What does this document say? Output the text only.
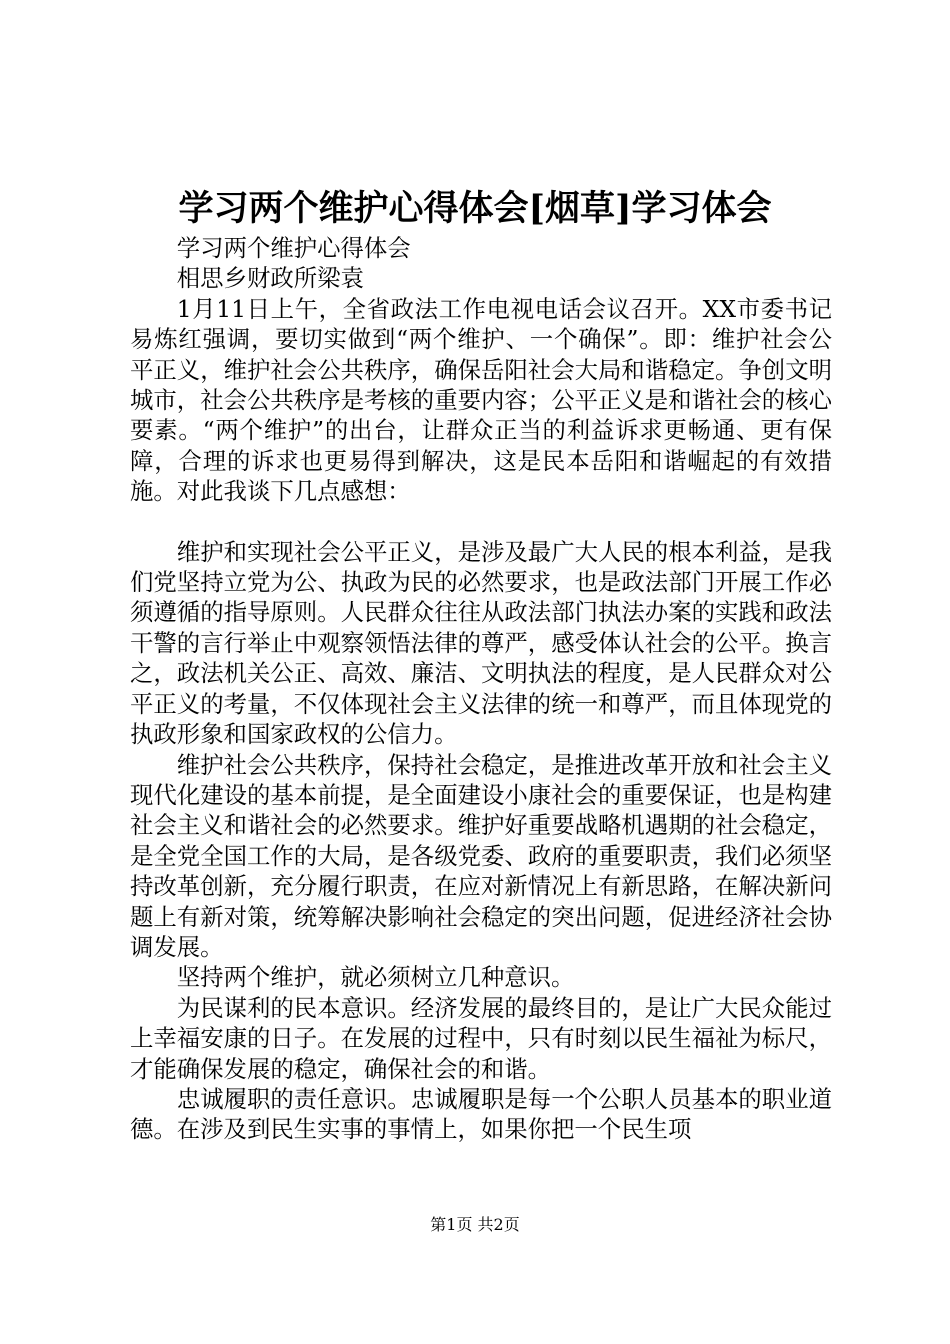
学习两个维护心得体会[烟草]学习体会

学习两个维护心得体会

相思乡财政所梁袁

1月11日上午，全省政法工作电视电话会议召开。XX市委书记易炼红强调，要切实做到“两个维护、一个确保”。即：维护社会公平正义，维护社会公共秩序，确保岳阳社会大局和谐稳定。争创文明城市，社会公共秩序是考核的重要内容；公平正义是和谐社会的核心要素。“两个维护”的出台，让群众正当的利益诉求更畅通、更有保障，合理的诉求也更易得到解决，这是民本岳阳和谐崛起的有效措施。对此我谈下几点感想：

维护和实现社会公平正义，是涉及最广大人民的根本利益，是我们党坚持立党为公、执政为民的必然要求，也是政法部门开展工作必须遵循的指导原则。人民群众往往从政法部门执法办案的实践和政法干警的言行举止中观察领悟法律的尊严，感受体认社会的公平。换言之，政法机关公正、高效、廉洁、文明执法的程度，是人民群众对公平正义的考量，不仅体现社会主义法律的统一和尊严，而且体现党的执政形象和国家政权的公信力。

维护社会公共秩序，保持社会稳定，是推进改革开放和社会主义现代化建设的基本前提，是全面建设小康社会的重要保证，也是构建社会主义和谐社会的必然要求。维护好重要战略机遇期的社会稳定，是全党全国工作的大局，是各级党委、政府的重要职责，我们必须坚持改革创新，充分履行职责，在应对新情况上有新思路，在解决新问题上有新对策，统筹解决影响社会稳定的突出问题，促进经济社会协调发展。

坚持两个维护，就必须树立几种意识。

为民谋利的民本意识。经济发展的最终目的，是让广大民众能过上幸福安康的日子。在发展的过程中，只有时刻以民生福祉为标尺，才能确保发展的稳定，确保社会的和谐。

忠诚履职的责任意识。忠诚履职是每一个公职人员基本的职业道德。在涉及到民生实事的事情上，如果你把一个民生项

第1页 共2页
